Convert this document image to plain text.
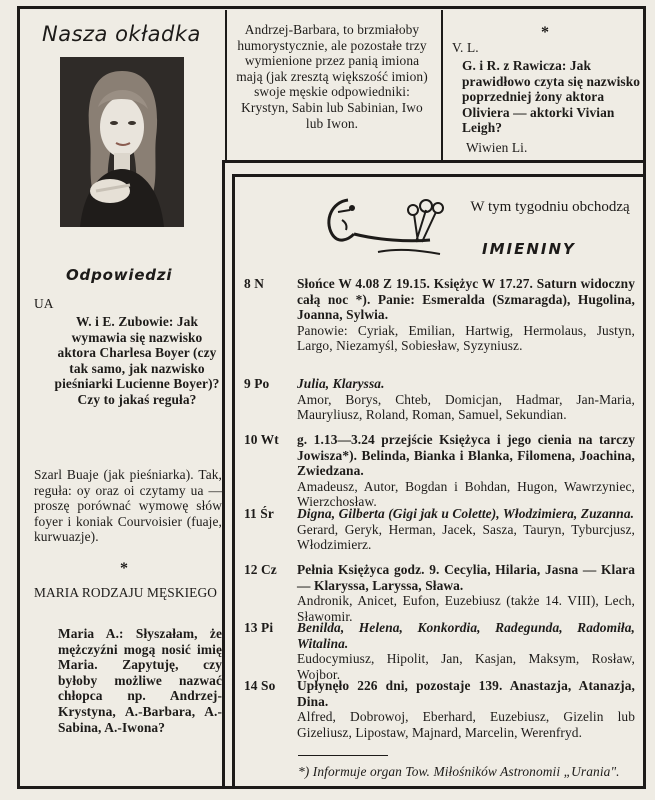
Nasza okładka
Odpowiedzi
UA
W. i E. Zubowie: Jak wymawia się nazwisko aktora Charlesa Boyer (czy tak samo, jak nazwisko pieśniarki Lucienne Boyer)? Czy to jakaś reguła?
Szarl Buaje (jak pieśniarka). Tak, reguła: oy oraz oi czytamy ua — proszę porównać wymowę słów foyer i koniak Courvoisier (fuaje, kurwuazje).
*
MARIA RODZAJU MĘSKIEGO
Maria A.: Słyszałam, że mężczyźni mogą nosić imię Maria. Zapytuję, czy byłoby możliwe nazwać chłopca np. Andrzej-Krystyna, A.-Barbara, A.-Sabina, A.-Iwona?
Andrzej-Barbara, to brzmiałoby humorystycznie, ale pozostałe trzy wymienione przez panią imiona mają (jak zresztą większość imion) swoje męskie odpowiedniki: Krystyn, Sabin lub Sabinian, Iwo lub Iwon.
*
V. L.
G. i R. z Rawicza: Jak prawidłowo czyta się nazwisko poprzedniej żony aktora Oliviera — aktorki Vivian Leigh?
Wiwien Li.
W tym tygodniu obchodzą
IMIENINY
8 N	Słońce W 4.08 Z 19.15. Księżyc W 17.27. Saturn widoczny całą noc *). Panie: Esmeralda (Szmaragda), Hugolina, Joanna, Sylwia.
Panowie: Cyriak, Emilian, Hartwig, Hermolaus, Justyn, Largo, Niezamyśl, Sobiesław, Syzyniusz.
9 Po	Julia, Klaryssa.
Amor, Borys, Chteb, Domicjan, Hadmar, Jan-Maria, Mauryliusz, Roland, Roman, Samuel, Sekundian.
10 Wt	g. 1.13—3.24 przejście Księżyca i jego cienia na tarczy Jowisza*). Belinda, Bianka i Blanka, Filomena, Joachina, Zwiedzana.
Amadeusz, Autor, Bogdan i Bohdan, Hugon, Wawrzyniec, Wierzchosław.
11 Śr	Digna, Gilberta (Gigi jak u Colette), Włodzimiera, Zuzanna.
Gerard, Geryk, Herman, Jacek, Sasza, Tauryn, Tyburcjusz, Włodzimierz.
12 Cz	Pełnia Księżyca godz. 9. Cecylia, Hilaria, Jasna — Klara — Klaryssa, Laryssa, Sława.
Andronik, Anicet, Eufon, Euzebiusz (także 14. VIII), Lech, Sławomir.
13 Pi	Benilda, Helena, Konkordia, Radegunda, Radomiła, Witalina.
Eudocymiusz, Hipolit, Jan, Kasjan, Maksym, Rosław, Wojbor.
14 So	Upłynęło 226 dni, pozostaje 139. Anastazja, Atanazja, Dina.
Alfred, Dobrowoj, Eberhard, Euzebiusz, Gizelin lub Gizeliusz, Lipostaw, Majnard, Marcelin, Werenfryd.
*) Informuje organ Tow. Miłośników Astronomii „Urania".
